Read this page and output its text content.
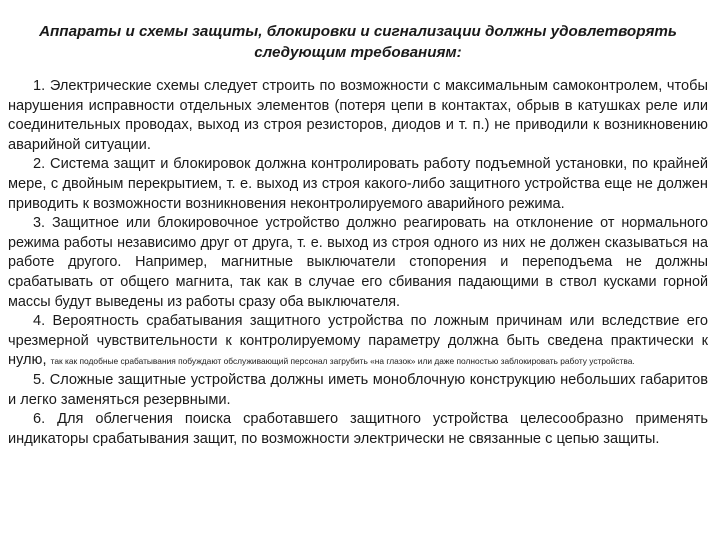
Аппараты и схемы защиты, блокировки и сигнализации должны удовлетворять следующим требованиям:

1. Электрические схемы следует строить по возможности с максимальным самоконтролем, чтобы нарушения исправности отдельных элементов (потеря цепи в контактах, обрыв в катушках реле или соединительных проводах, выход из строя резисторов, диодов и т. п.) не приводили к возникновению аварийной ситуации.

2. Система защит и блокировок должна контролировать работу подъемной установки, по крайней мере, с двойным перекрытием, т. е. выход из строя какого-либо защитного устройства еще не должен приводить к возможности возникновения неконтролируемого аварийного режима.

3. Защитное или блокировочное устройство должно реагировать на отклонение от нормального режима работы независимо друг от друга, т. е. выход из строя одного из них не должен сказываться на работе другого. Например, магнитные выключатели стопорения и переподъема не должны срабатывать от общего магнита, так как в случае его сбивания падающими в ствол кусками горной массы будут выведены из работы сразу оба выключателя.

4. Вероятность срабатывания защитного устройства по ложным причинам или вследствие его чрезмерной чувствительности к контролируемому параметру должна быть сведена практически к нулю, так как подобные срабатывания побуждают обслуживающий персонал загрубить «на глазок» или даже полностью заблокировать работу устройства.

5. Сложные защитные устройства должны иметь моноблочную конструкцию небольших габаритов и легко заменяться резервными.

6. Для облегчения поиска сработавшего защитного устройства целесообразно применять индикаторы срабатывания защит, по возможности электрически не связанные с цепью защиты.
